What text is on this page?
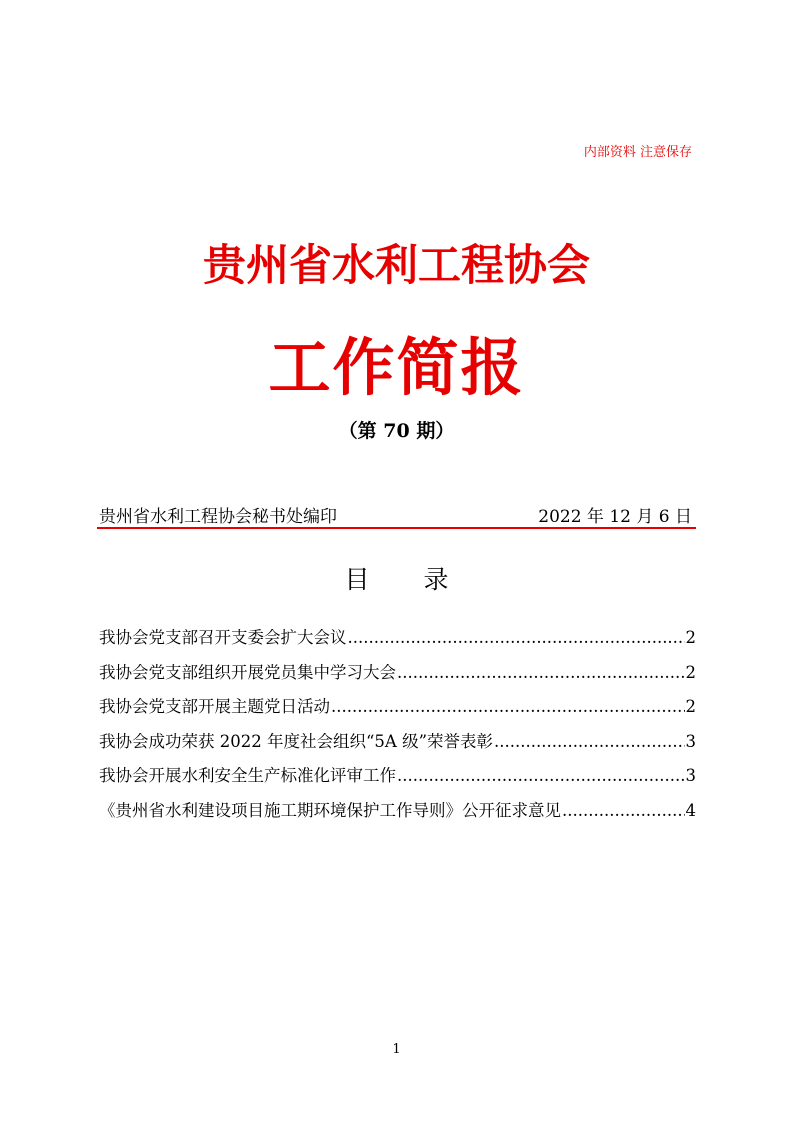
内部资料 注意保存
贵州省水利工程协会
工作简报
（第 70 期）
贵州省水利工程协会秘书处编印	2022 年 12 月 6 日
目 录
我协会党支部召开支委会扩大会议 .....	2
我协会党支部组织开展党员集中学习大会 .....	2
我协会党支部开展主题党日活动 .....	2
我协会成功荣获 2022 年度社会组织“5A 级”荣誉表彰 .....	3
我协会开展水利安全生产标准化评审工作 .....	3
《贵州省水利建设项目施工期环境保护工作导则》公开征求意见 .....	4
1
